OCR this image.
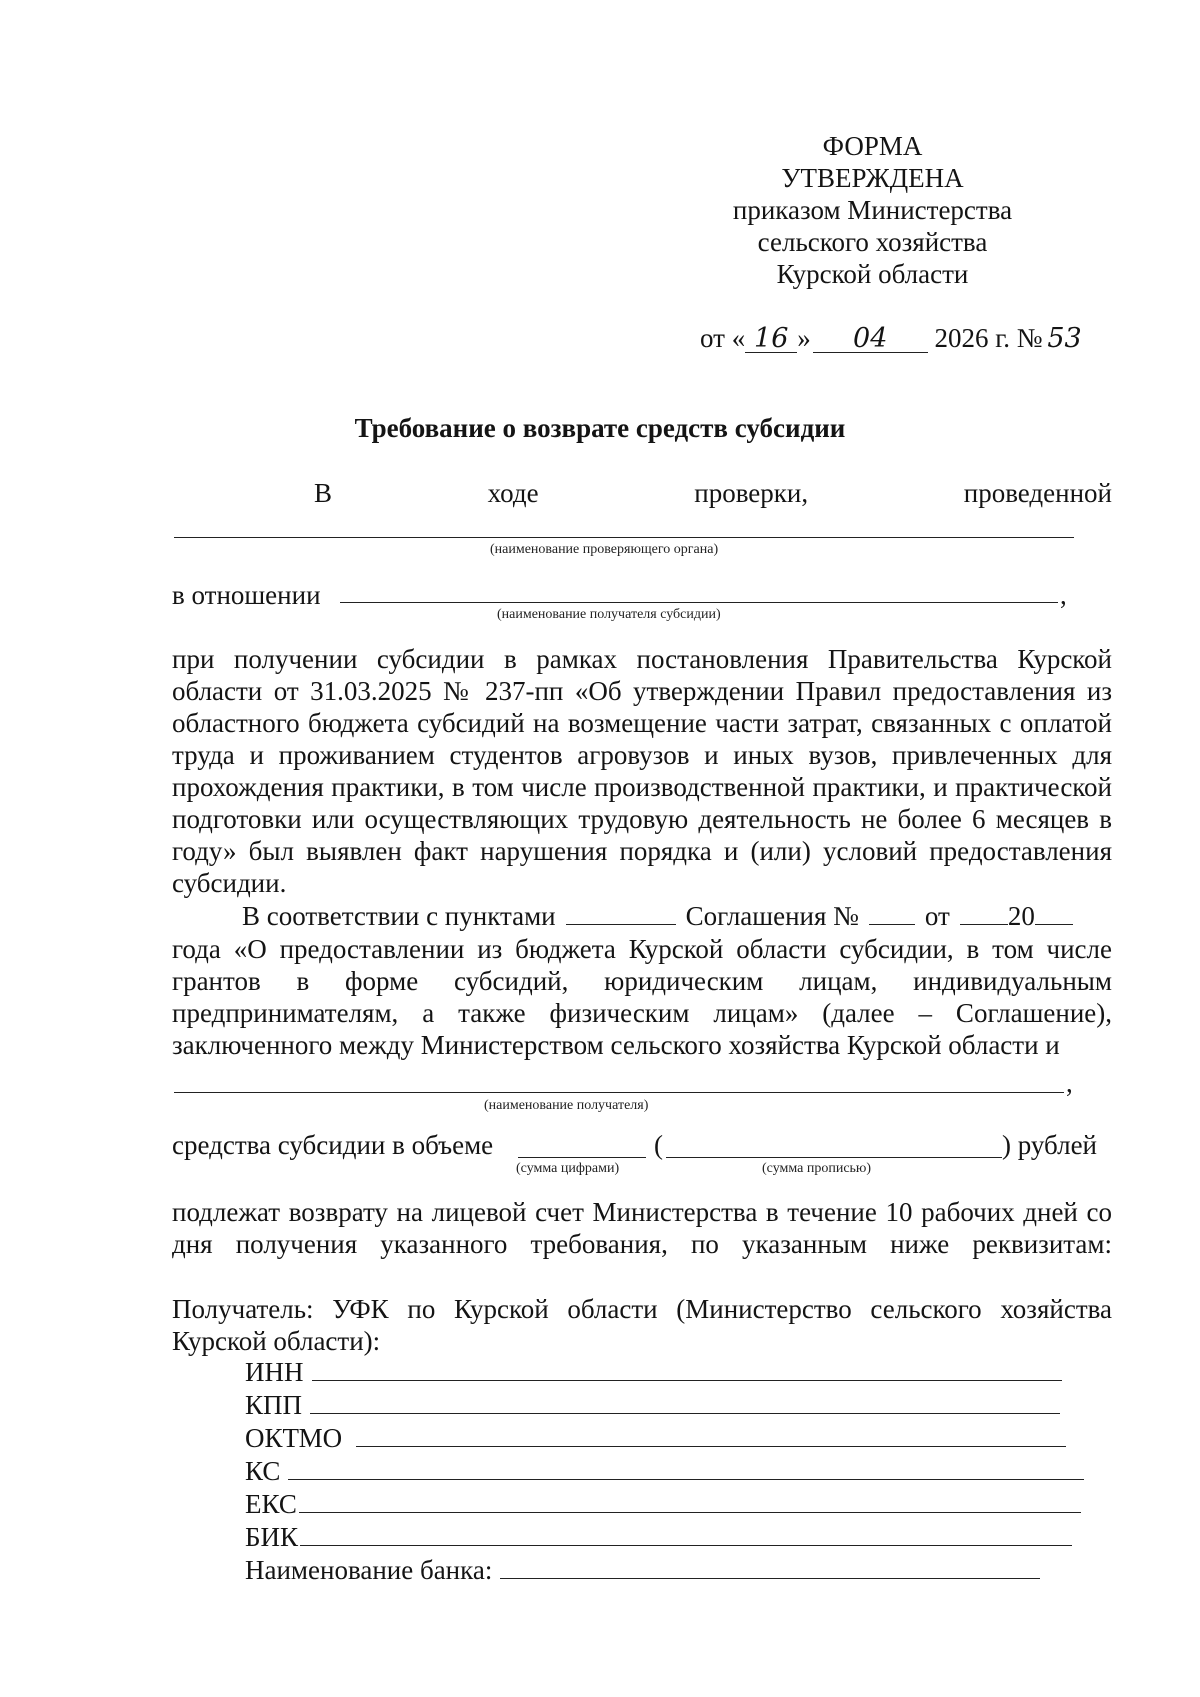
ФОРМА
УТВЕРЖДЕНА
приказом Министерства
сельского хозяйства
Курской области
от « 16 » 04 2026 г. № 53
Требование о возврате средств субсидии
В	ходе	проверки,	проведенной
(наименование проверяющего органа)
в отношении	,
(наименование получателя субсидии)
при получении субсидии в рамках постановления Правительства Курской области от 31.03.2025 № 237-пп «Об утверждении Правил предоставления из областного бюджета субсидий на возмещение части затрат, связанных с оплатой труда и проживанием студентов агровузов и иных вузов, привлеченных для прохождения практики, в том числе производственной практики, и практической подготовки или осуществляющих трудовую деятельность не более 6 месяцев в году» был выявлен факт нарушения порядка и (или) условий предоставления субсидии.
В соответствии с пунктами	Соглашения № от 20
года «О предоставлении из бюджета Курской области субсидии, в том числе грантов в форме субсидий, юридическим лицам, индивидуальным предпринимателям, а также физическим лицам» (далее – Соглашение), заключенного между Министерством сельского хозяйства Курской области и
,
(наименование получателя)
средства субсидии в объеме	(	) рублей
(сумма цифрами)	(сумма прописью)
подлежат возврату на лицевой счет Министерства в течение 10 рабочих дней со дня получения указанного требования, по указанным ниже реквизитам:
Получатель: УФК по Курской области (Министерство сельского хозяйства Курской области):
ИНН
КПП
ОКТМО
КС
ЕКС
БИК
Наименование банка:
